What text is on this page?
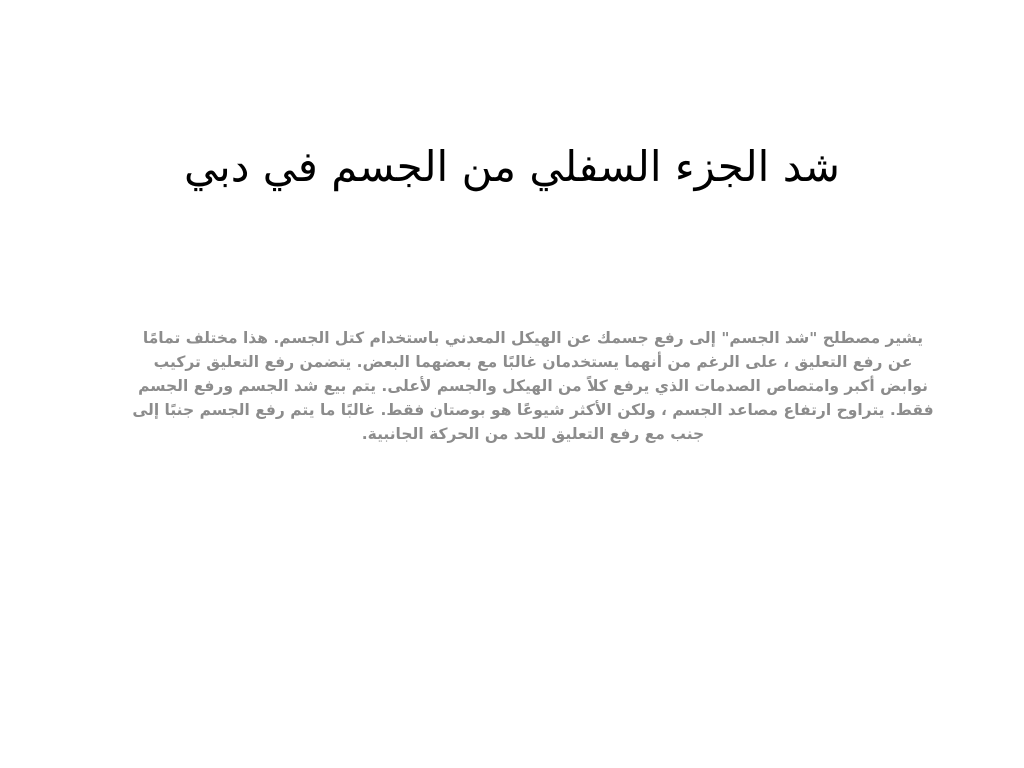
شد الجزء السفلي من الجسم في دبي

يشير مصطلح "شد الجسم" إلى رفع جسمك عن الهيكل المعدني باستخدام كتل الجسم. هذا مختلف تمامًا عن رفع التعليق ، على الرغم من أنهما يستخدمان غالبًا مع بعضهما البعض. يتضمن رفع التعليق تركيب نوابض أكبر وامتصاص الصدمات الذي يرفع كلاً من الهيكل والجسم لأعلى. يتم بيع شد الجسم ورفع الجسم فقط. يتراوح ارتفاع مصاعد الجسم ، ولكن الأكثر شيوعًا هو بوصتان فقط. غالبًا ما يتم رفع الجسم جنبًا إلى جنب مع رفع التعليق للحد من الحركة الجانبية.
